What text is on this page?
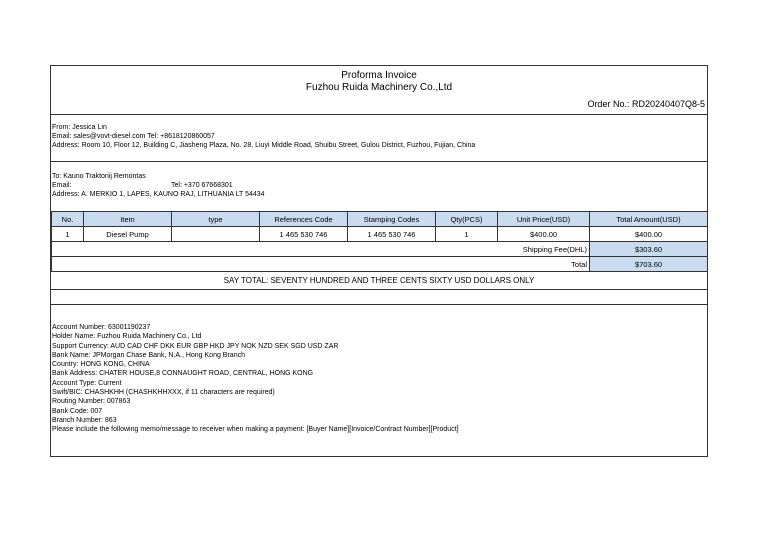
Proforma Invoice
Fuzhou Ruida Machinery Co.,Ltd
Order No.: RD20240407Q8-5
From: Jessica Lin
Email: sales@vovt-diesel.com Tel: +8618120860057
Address: Room 10, Floor 12, Building C, Jiasheng Plaza, No. 28, Liuyi Middle Road, Shuibu Street, Gulou District, Fuzhou, Fujian, China
To: Kauno Traktoriij Remontas
Email:	Tel: +370 67668301
Address: A. MERKIO 1, LAPES, KAUNO RAJ, LITHUANIA LT 54434
No.	Item	type	References Code	Stamping Codes	Qty(PCS)	Unit Price(USD)	Total Amount(USD)
1	Diesel Pump		1 465 530 746	1 465 530 746	1	$400.00	$400.00
Shipping Fee(DHL)							$303.60
Total							$703.60
SAY TOTAL: SEVENTY HUNDRED AND THREE CENTS SIXTY USD DOLLARS ONLY
Account Number: 63001190237
Holder Name: Fuzhou Ruida Machinery Co., Ltd
Support Currency: AUD CAD CHF DKK EUR GBP HKD JPY NOK NZD SEK SGD USD ZAR
Bank Name: JPMorgan Chase Bank, N.A., Hong Kong Branch
Country: HONG KONG, CHINA
Bank Address: CHATER HOUSE,8 CONNAUGHT ROAD, CENTRAL, HONG KONG
Account Type: Current
Swift/BIC: CHASHKHH (CHASHKHHXXX, if 11 characters are required)
Routing Number: 007863
Bank Code: 007
Branch Number: 863
Please include the following memo/message to receiver when making a payment: [Buyer Name][Invoice/Contract Number][Product]
